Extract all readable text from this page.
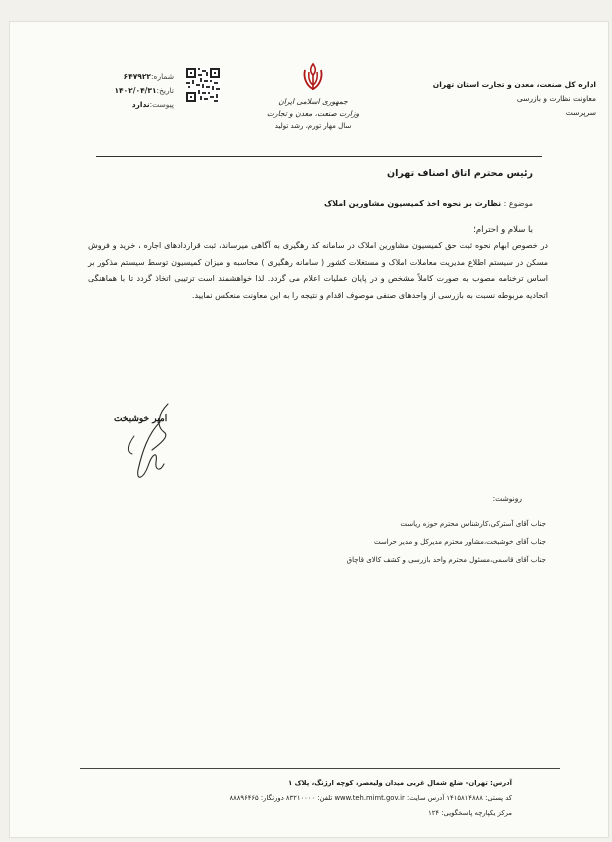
اداره کل صنعت، معدن و تجارت استان تهران
معاونت نظارت و بازرسی
سرپرست
جمهوری اسلامی ایران
وزارت صنعت، معدن و تجارت
سال مهار تورم، رشد تولید
شماره:۶۴۷۹۲۲
تاریخ:۱۴۰۲/۰۴/۳۱
پیوست:ندارد
رئیس محترم اتاق اصناف تهران
موضوع : نظارت بر نحوه اخذ کمیسیون مشاورین املاک
با سلام و احترام؛

در خصوص ابهام نحوه ثبت حق کمیسیون مشاورین املاک در سامانه کد رهگیری به آگاهی میرساند، ثبت قراردادهای اجاره ، خرید و فروش مسکن در سیستم اطلاع مدیریت معاملات املاک و مستغلات کشور ( سامانه رهگیری ) محاسبه و میزان کمیسیون توسط سیستم مذکور بر اساس ترخنامه مصوب به صورت کاملاً مشخص و در پایان عملیات اعلام می گردد. لذا خواهشمند است ترتیبی اتخاذ گردد تا با هماهنگی اتحادیه مربوطه نسبت به بازرسی از واحدهای صنفی موصوف اقدام و نتیجه را به این معاونت منعکس نمایید.

امیر خوشبخت
رونوشت:
جناب آقای آسترکی،کارشناس محترم حوزه ریاست
جناب آقای خوشبخت،مشاور محترم مدیرکل و مدیر حراست
جناب آقای قاسمی،مسئول محترم واحد بازرسی و کشف کالای قاچاق
آدرس: تهران- ضلع شمال غربی میدان ولیعصر، کوچه ارژنگ، پلاک ۱
کد پستی: ۱۴۱۵۸۱۴۸۸۸ آدرس سایت: www.teh.mimt.gov.ir تلفن: ۸۳۲۱۰۰۰۰ دورنگار: ۸۸۸۹۶۴۶۵
مرکز یکپارچه پاسخگویی: ۱۲۴
